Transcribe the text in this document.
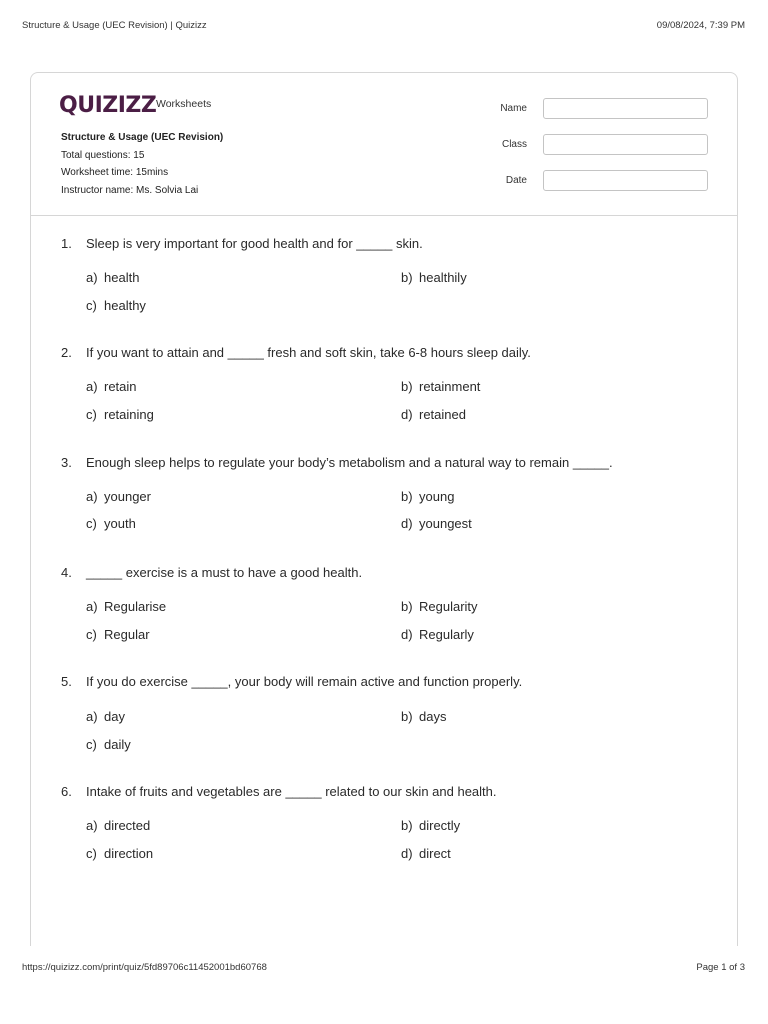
Structure & Usage (UEC Revision) | Quizizz	09/08/2024, 7:39 PM
QUIZIZZ Worksheets
Structure & Usage (UEC Revision)
Total questions: 15
Worksheet time: 15mins
Instructor name: Ms. Solvia Lai
Name
Class
Date
1. Sleep is very important for good health and for _____ skin.
a) health	b) healthily
c) healthy
2. If you want to attain and _____ fresh and soft skin, take 6-8 hours sleep daily.
a) retain	b) retainment
c) retaining	d) retained
3. Enough sleep helps to regulate your body’s metabolism and a natural way to remain _____.
a) younger	b) young
c) youth	d) youngest
4. _____ exercise is a must to have a good health.
a) Regularise	b) Regularity
c) Regular	d) Regularly
5. If you do exercise _____, your body will remain active and function properly.
a) day	b) days
c) daily
6. Intake of fruits and vegetables are _____ related to our skin and health.
a) directed	b) directly
c) direction	d) direct
https://quizizz.com/print/quiz/5fd89706c11452001bd60768	Page 1 of 3
